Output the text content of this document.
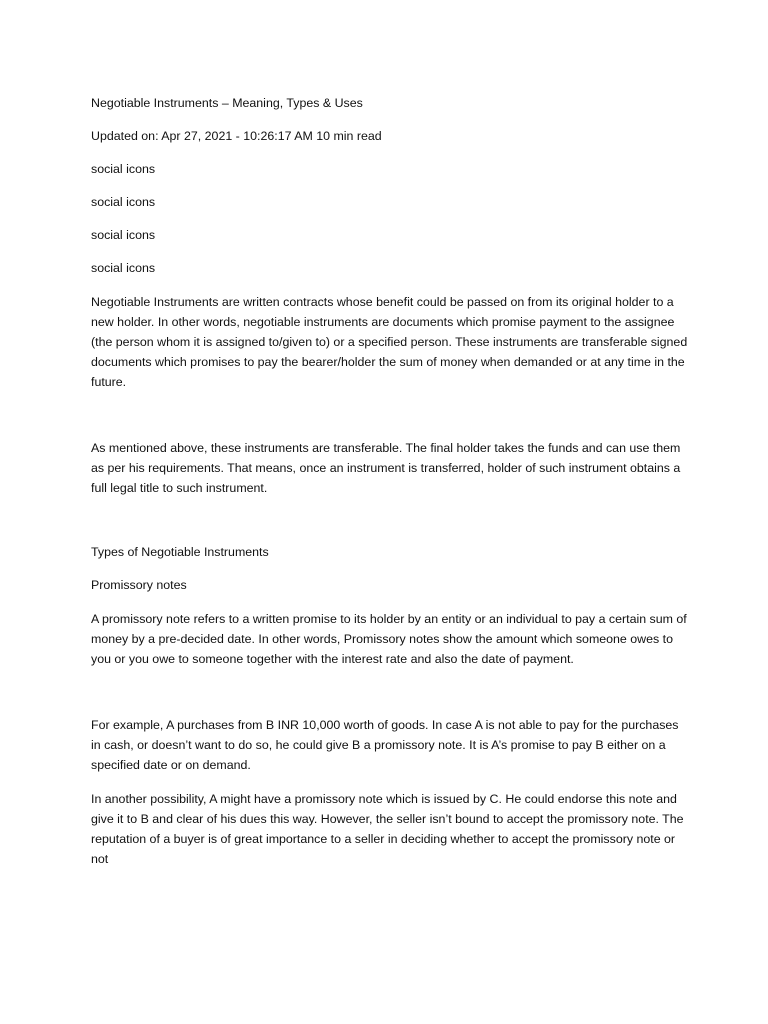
Negotiable Instruments – Meaning, Types & Uses

Updated on: Apr 27, 2021 - 10:26:17 AM 10 min read

social icons

social icons

social icons

social icons

Negotiable Instruments are written contracts whose benefit could be passed on from its original holder to a new holder. In other words, negotiable instruments are documents which promise payment to the assignee (the person whom it is assigned to/given to) or a specified person. These instruments are transferable signed documents which promises to pay the bearer/holder the sum of money when demanded or at any time in the future.

As mentioned above, these instruments are transferable. The final holder takes the funds and can use them as per his requirements. That means, once an instrument is transferred, holder of such instrument obtains a full legal title to such instrument.

Types of Negotiable Instruments

Promissory notes

A promissory note refers to a written promise to its holder by an entity or an individual to pay a certain sum of money by a pre-decided date. In other words, Promissory notes show the amount which someone owes to you or you owe to someone together with the interest rate and also the date of payment.

For example, A purchases from B INR 10,000 worth of goods. In case A is not able to pay for the purchases in cash, or doesn’t want to do so, he could give B a promissory note. It is A’s promise to pay B either on a specified date or on demand.

In another possibility, A might have a promissory note which is issued by C. He could endorse this note and give it to B and clear of his dues this way. However, the seller isn’t bound to accept the promissory note. The reputation of a buyer is of great importance to a seller in deciding whether to accept the promissory note or not
